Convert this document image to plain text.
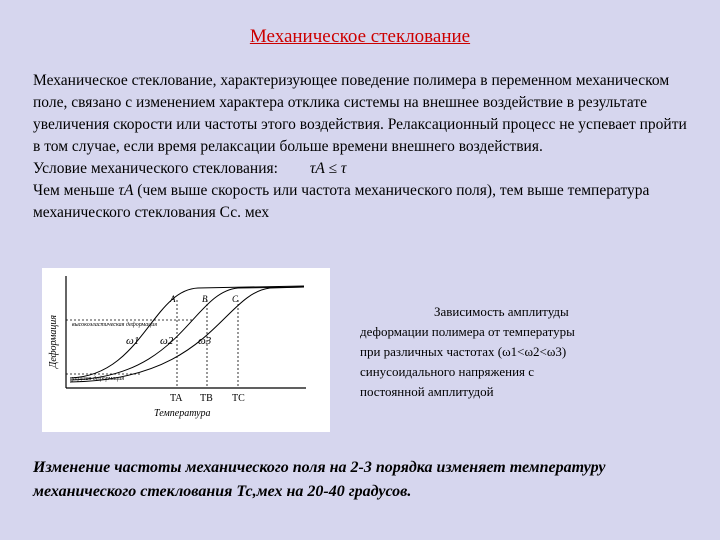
Механическое стеклование

Механическое стеклование, характеризующее поведение полимера в переменном механическом поле, связано с изменением характера отклика системы на внешнее воздействие в результате увеличения скорости или частоты этого воздействия. Релаксационный процесс не успевает пройти в том случае, если время релаксации больше времени внешнего воздействия.

Условие механического стеклования: τA ≤ τ

Чем меньше τA (чем выше скорость или частота механического поля), тем выше температура механического стеклования Сс. мех

Деформация
Температура
высокоэластическая деформация
упругая деформация
А	В	С
ω1 ω2 ω3
TA TB TC
Зависимость амплитуды
деформации полимера от температуры
при различных частотах (ω1<ω2<ω3)
синусоидального напряжения с
постоянной амплитудой
Изменение частоты механического поля на 2-3 порядка изменяет температуру механического стеклования Тс,мех на 20-40 градусов.
